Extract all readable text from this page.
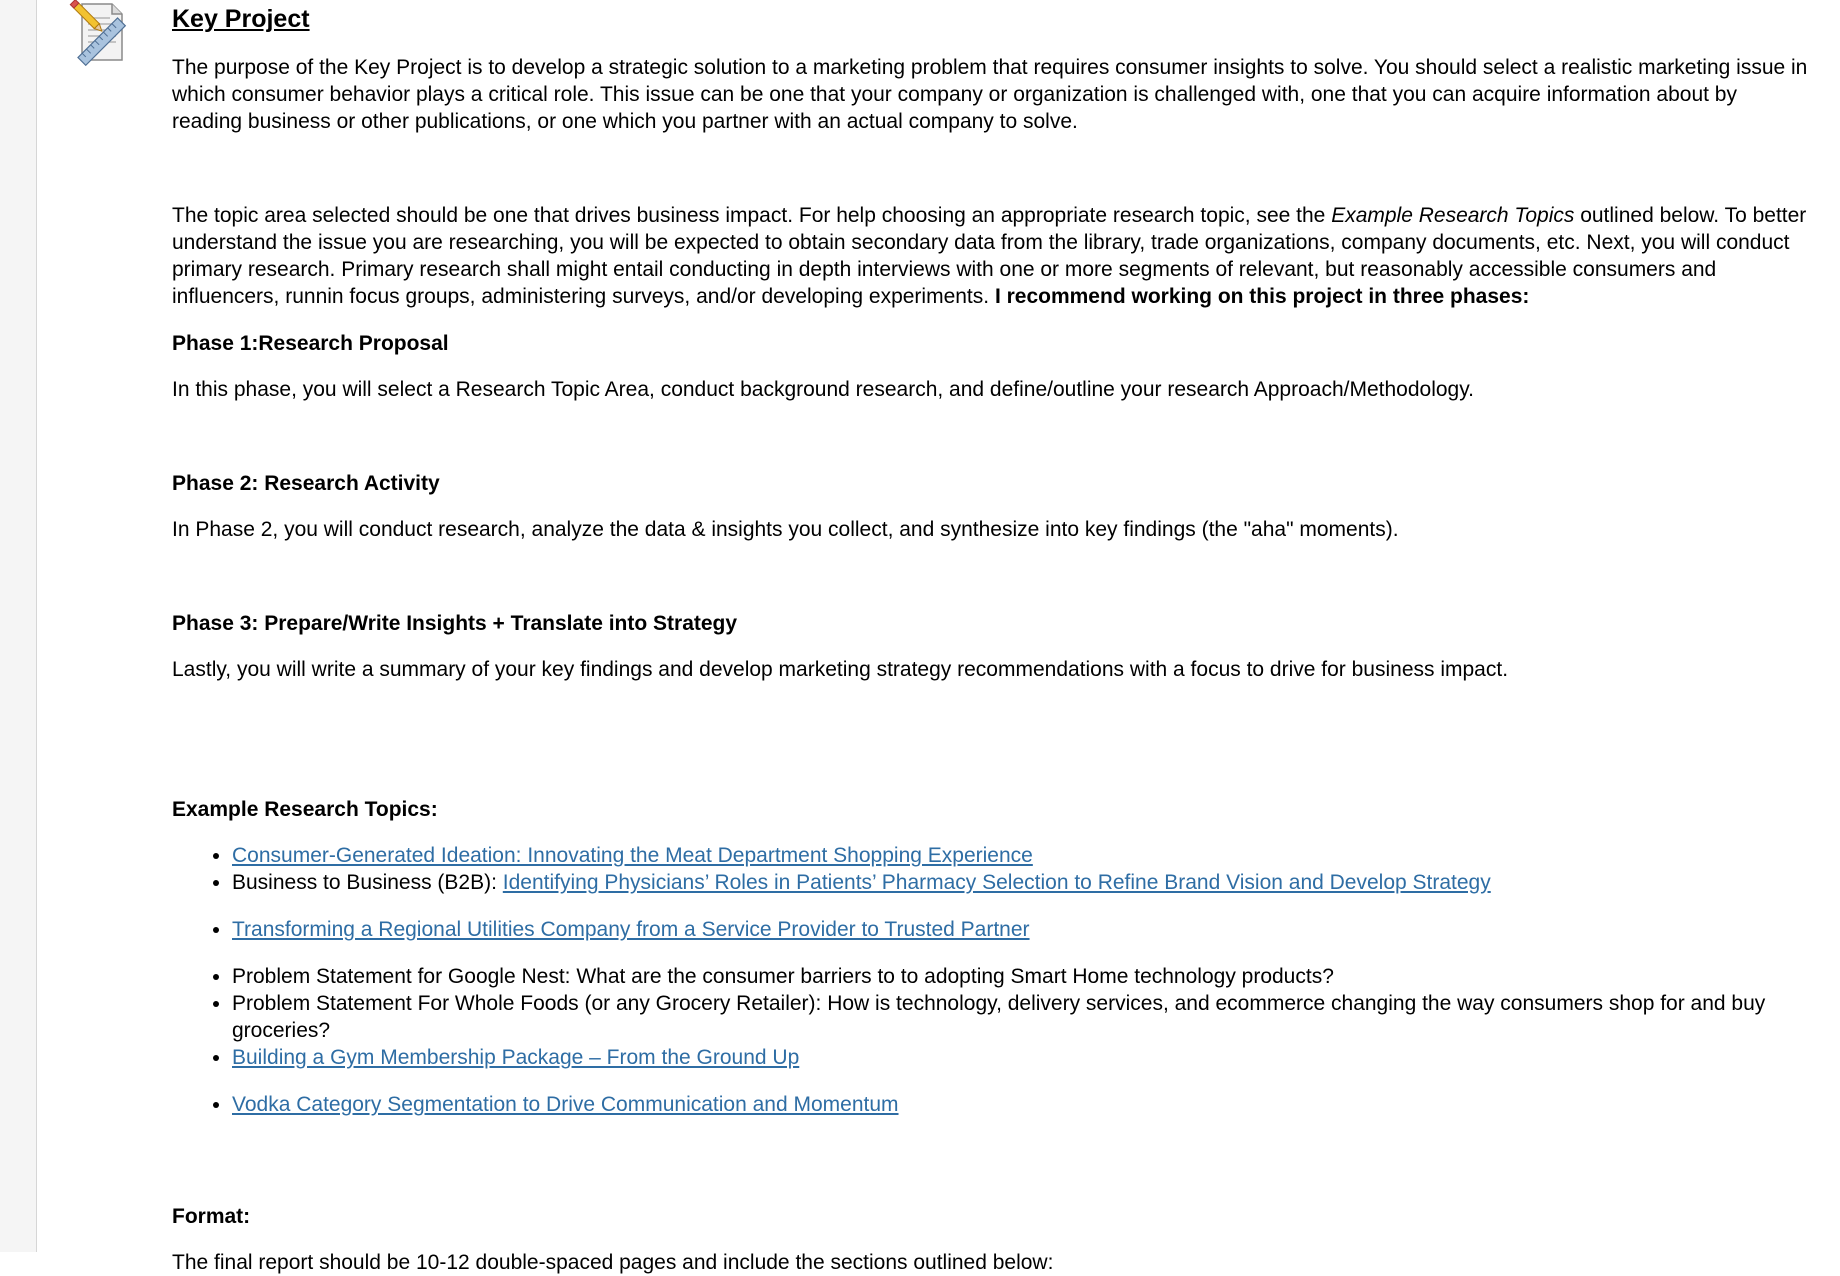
Key Project

The purpose of the Key Project is to develop a strategic solution to a marketing problem that requires consumer insights to solve. You should select a realistic marketing issue in which consumer behavior plays a critical role. This issue can be one that your company or organization is challenged with, one that you can acquire information about by reading business or other publications, or one which you partner with an actual company to solve.

The topic area selected should be one that drives business impact. For help choosing an appropriate research topic, see the Example Research Topics outlined below. To better understand the issue you are researching, you will be expected to obtain secondary data from the library, trade organizations, company documents, etc. Next, you will conduct primary research. Primary research shall might entail conducting in depth interviews with one or more segments of relevant, but reasonably accessible consumers and influencers, runnin focus groups, administering surveys, and/or developing experiments. I recommend working on this project in three phases:

Phase 1:Research Proposal

In this phase, you will select a Research Topic Area, conduct background research, and define/outline your research Approach/Methodology.

Phase 2: Research Activity

In Phase 2, you will conduct research, analyze the data & insights you collect, and synthesize into key findings (the "aha" moments).

Phase 3: Prepare/Write Insights + Translate into Strategy

Lastly, you will write a summary of your key findings and develop marketing strategy recommendations with a focus to drive for business impact.

Example Research Topics:

• Consumer-Generated Ideation: Innovating the Meat Department Shopping Experience
• Business to Business (B2B): Identifying Physicians’ Roles in Patients’ Pharmacy Selection to Refine Brand Vision and Develop Strategy
• Transforming a Regional Utilities Company from a Service Provider to Trusted Partner
• Problem Statement for Google Nest: What are the consumer barriers to to adopting Smart Home technology products?
• Problem Statement For Whole Foods (or any Grocery Retailer): How is technology, delivery services, and ecommerce changing the way consumers shop for and buy groceries?
• Building a Gym Membership Package – From the Ground Up
• Vodka Category Segmentation to Drive Communication and Momentum

Format:

The final report should be 10-12 double-spaced pages and include the sections outlined below:
